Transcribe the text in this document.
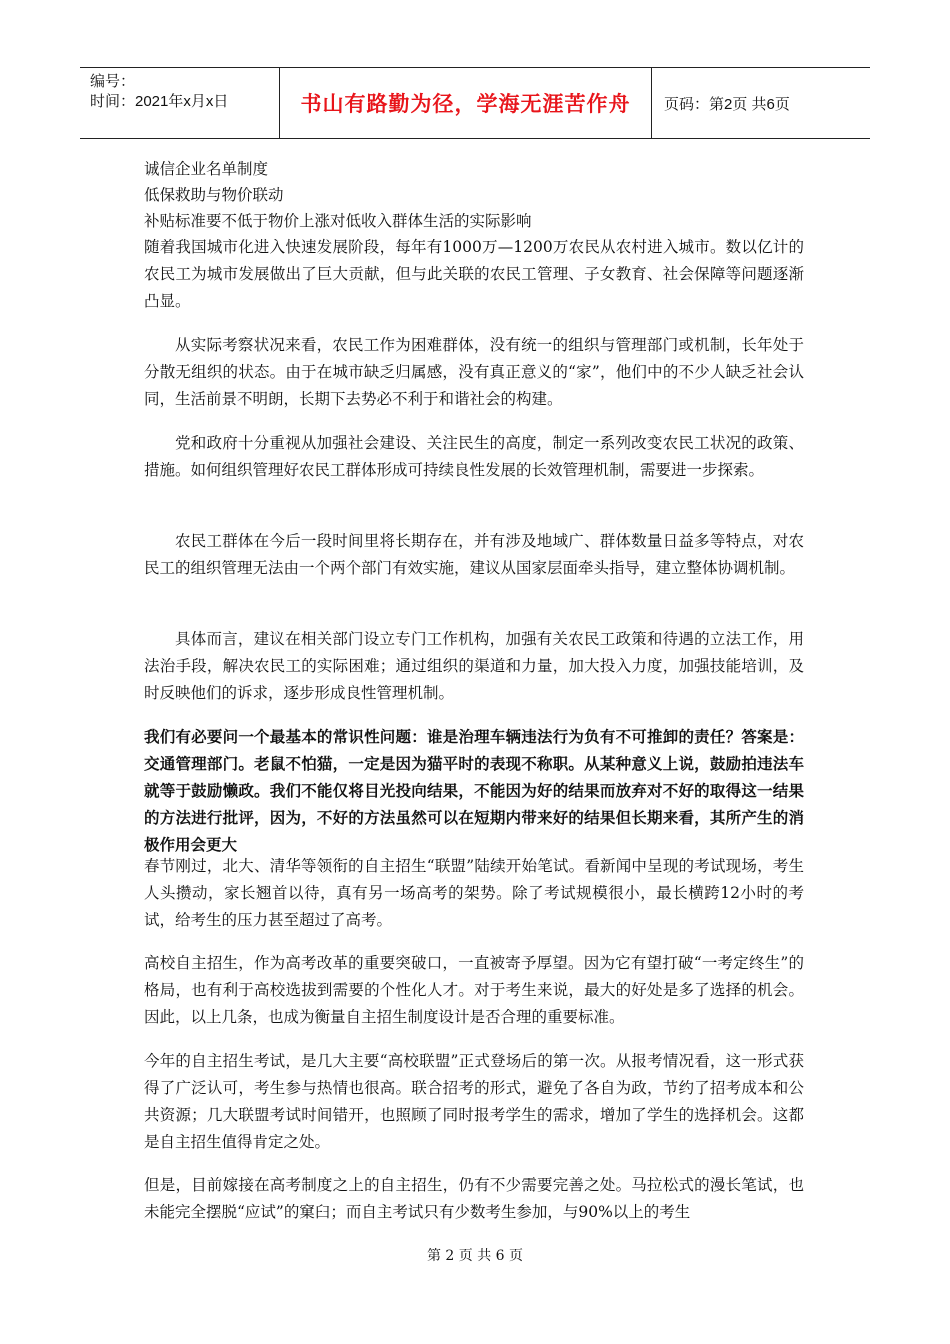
编号：
时间：2021年x月x日	书山有路勤为径，学海无涯苦作舟 页码：第2页 共6页
诚信企业名单制度
低保救助与物价联动
补贴标准要不低于物价上涨对低收入群体生活的实际影响

随着我国城市化进入快速发展阶段，每年有1000万—1200万农民从农村进入城市。数以亿计的农民工为城市发展做出了巨大贡献，但与此关联的农民工管理、子女教育、社会保障等问题逐渐凸显。

从实际考察状况来看，农民工作为困难群体，没有统一的组织与管理部门或机制，长年处于分散无组织的状态。由于在城市缺乏归属感，没有真正意义的“家”，他们中的不少人缺乏社会认同，生活前景不明朗，长期下去势必不利于和谐社会的构建。

党和政府十分重视从加强社会建设、关注民生的高度，制定一系列改变农民工状况的政策、措施。如何组织管理好农民工群体形成可持续良性发展的长效管理机制，需要进一步探索。

农民工群体在今后一段时间里将长期存在，并有涉及地域广、群体数量日益多等特点，对农民工的组织管理无法由一个两个部门有效实施，建议从国家层面牵头指导，建立整体协调机制。

具体而言，建议在相关部门设立专门工作机构，加强有关农民工政策和待遇的立法工作，用法治手段，解决农民工的实际困难；通过组织的渠道和力量，加大投入力度，加强技能培训，及时反映他们的诉求，逐步形成良性管理机制。

我们有必要问一个最基本的常识性问题：谁是治理车辆违法行为负有不可推卸的责任？答案是：交通管理部门。老鼠不怕猫，一定是因为猫平时的表现不称职。从某种意义上说，鼓励拍违法车就等于鼓励懒政。我们不能仅将目光投向结果，不能因为好的结果而放弃对不好的取得这一结果的方法进行批评，因为，不好的方法虽然可以在短期内带来好的结果但长期来看，其所产生的消极作用会更大

春节刚过，北大、清华等领衔的自主招生“联盟”陆续开始笔试。看新闻中呈现的考试现场，考生人头攒动，家长翘首以待，真有另一场高考的架势。除了考试规模很小，最长横跨12小时的考试，给考生的压力甚至超过了高考。

高校自主招生，作为高考改革的重要突破口，一直被寄予厚望。因为它有望打破“一考定终生”的格局，也有利于高校选拔到需要的个性化人才。对于考生来说，最大的好处是多了选择的机会。因此，以上几条，也成为衡量自主招生制度设计是否合理的重要标准。

今年的自主招生考试，是几大主要“高校联盟”正式登场后的第一次。从报考情况看，这一形式获得了广泛认可，考生参与热情也很高。联合招考的形式，避免了各自为政，节约了招考成本和公共资源；几大联盟考试时间错开，也照顾了同时报考学生的需求，增加了学生的选择机会。这都是自主招生值得肯定之处。

但是，目前嫁接在高考制度之上的自主招生，仍有不少需要完善之处。马拉松式的漫长笔试，也未能完全摆脱“应试”的窠臼；而自主考试只有少数考生参加，与90%以上的考生

第 2 页 共 6 页
